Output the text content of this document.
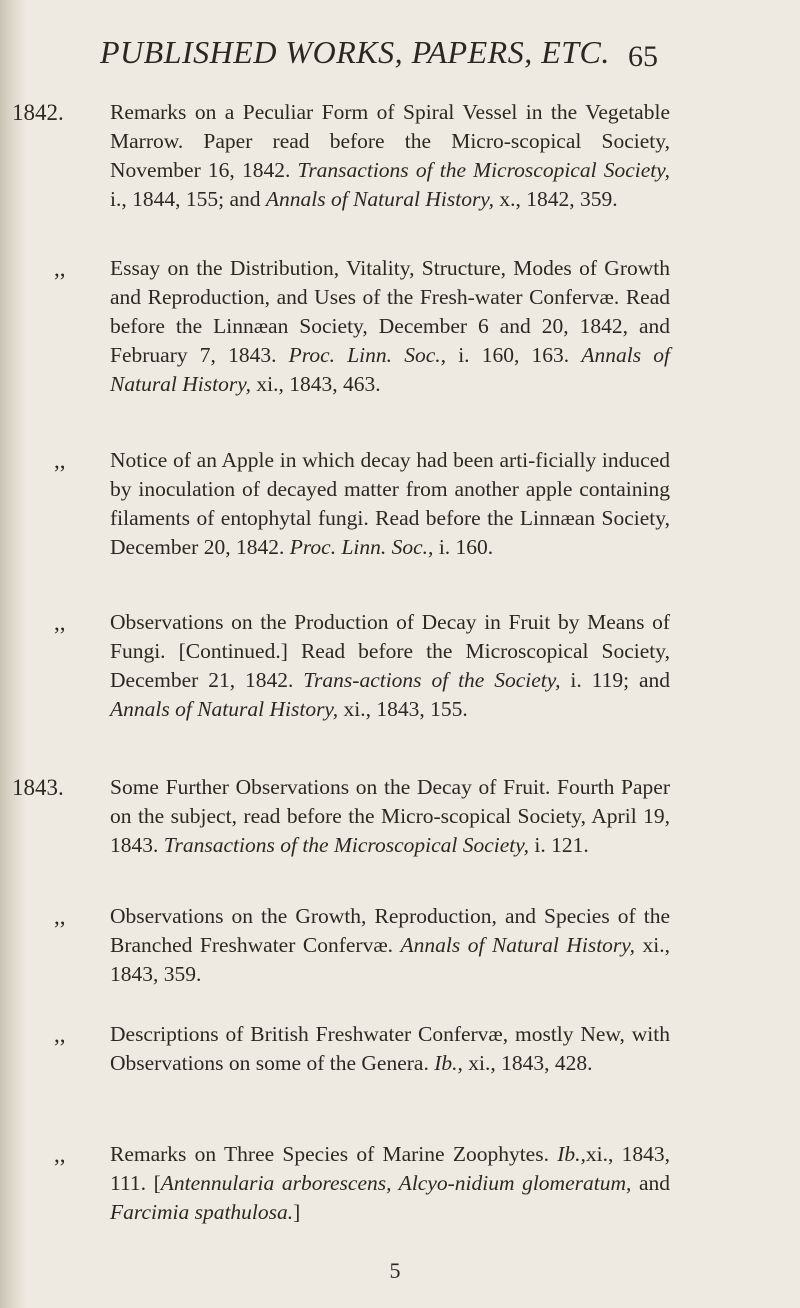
PUBLISHED WORKS, PAPERS, ETC. 65
1842.	Remarks on a Peculiar Form of Spiral Vessel in the Vegetable Marrow. Paper read before the Micro-scopical Society, November 16, 1842. Transactions of the Microscopical Society, i., 1844, 155; and Annals of Natural History, x., 1842, 359.
,,	Essay on the Distribution, Vitality, Structure, Modes of Growth and Reproduction, and Uses of the Fresh-water Confervæ. Read before the Linnæan Society, December 6 and 20, 1842, and February 7, 1843. Proc. Linn. Soc., i. 160, 163. Annals of Natural History, xi., 1843, 463.
,,	Notice of an Apple in which decay had been arti-ficially induced by inoculation of decayed matter from another apple containing filaments of entophytal fungi. Read before the Linnæan Society, December 20, 1842. Proc. Linn. Soc., i. 160.
,,	Observations on the Production of Decay in Fruit by Means of Fungi. [Continued.] Read before the Microscopical Society, December 21, 1842. Trans-actions of the Society, i. 119; and Annals of Natural History, xi., 1843, 155.
1843.	Some Further Observations on the Decay of Fruit. Fourth Paper on the subject, read before the Micro-scopical Society, April 19, 1843. Transactions of the Microscopical Society, i. 121.
,,	Observations on the Growth, Reproduction, and Species of the Branched Freshwater Confervæ. Annals of Natural History, xi., 1843, 359.
,,	Descriptions of British Freshwater Confervæ, mostly New, with Observations on some of the Genera. Ib., xi., 1843, 428.
,,	Remarks on Three Species of Marine Zoophytes. Ib.,xi., 1843, 111. [Antennularia arborescens, Alcyo-nidium glomeratum, and Farcimia spathulosa.]
5
